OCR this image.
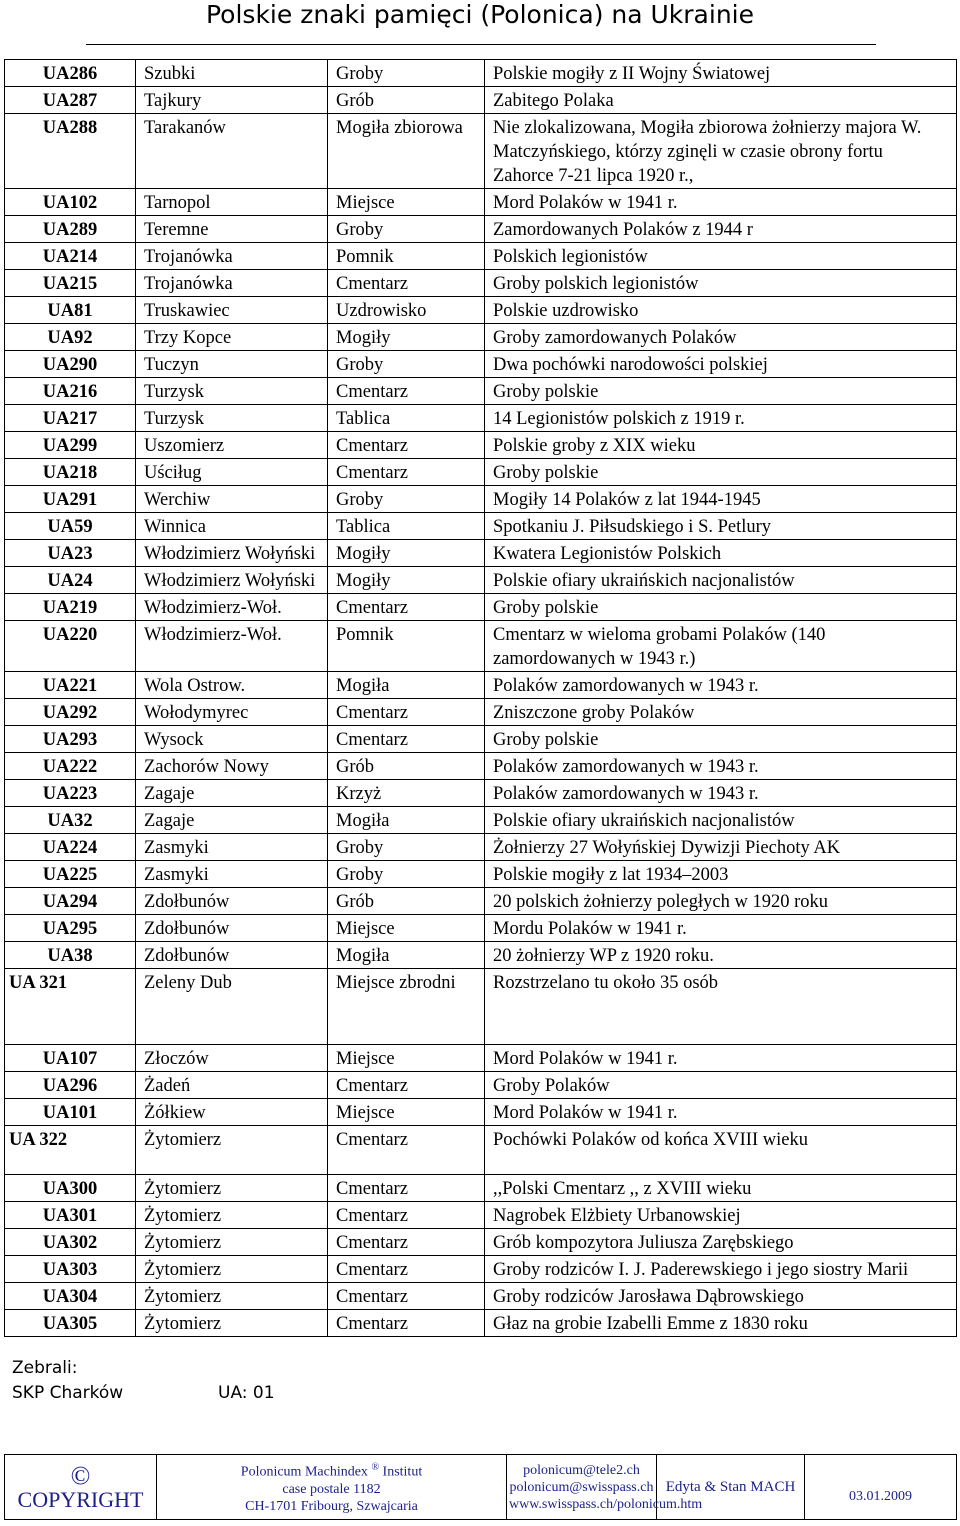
Polskie znaki pamięci (Polonica) na Ukrainie
UA286	Szubki	Groby	Polskie mogiły z II Wojny Światowej
UA287	Tajkury	Grób	Zabitego Polaka
UA288	Tarakanów	Mogiła zbiorowa	Nie zlokalizowana, Mogiła zbiorowa żołnierzy majora W. Matczyńskiego, którzy zginęli w czasie obrony fortu Zahorce 7-21 lipca 1920 r.,
UA102	Tarnopol	Miejsce	Mord Polaków w 1941 r.
UA289	Teremne	Groby	Zamordowanych Polaków z 1944 r
UA214	Trojanówka	Pomnik	Polskich legionistów
UA215	Trojanówka	Cmentarz	Groby polskich legionistów
UA81	Truskawiec	Uzdrowisko	Polskie uzdrowisko
UA92	Trzy Kopce	Mogiły	Groby zamordowanych Polaków
UA290	Tuczyn	Groby	Dwa pochówki narodowości polskiej
UA216	Turzysk	Cmentarz	Groby polskie
UA217	Turzysk	Tablica	14 Legionistów polskich z 1919 r.
UA299	Uszomierz	Cmentarz	Polskie groby z XIX wieku
UA218	Uściług	Cmentarz	Groby polskie
UA291	Werchiw	Groby	Mogiły 14 Polaków z lat 1944-1945
UA59	Winnica	Tablica	Spotkaniu J. Piłsudskiego i S. Petlury
UA23	Włodzimierz Wołyński	Mogiły	Kwatera Legionistów Polskich
UA24	Włodzimierz Wołyński	Mogiły	Polskie ofiary ukraińskich nacjonalistów
UA219	Włodzimierz-Woł.	Cmentarz	Groby polskie
UA220	Włodzimierz-Woł.	Pomnik	Cmentarz w wieloma grobami Polaków (140 zamordowanych w 1943 r.)
UA221	Wola Ostrow.	Mogiła	Polaków zamordowanych w 1943 r.
UA292	Wołodymyrec	Cmentarz	Zniszczone groby Polaków
UA293	Wysock	Cmentarz	Groby polskie
UA222	Zachorów Nowy	Grób	Polaków zamordowanych w 1943 r.
UA223	Zagaje	Krzyż	Polaków zamordowanych w 1943 r.
UA32	Zagaje	Mogiła	Polskie ofiary ukraińskich nacjonalistów
UA224	Zasmyki	Groby	Żołnierzy 27 Wołyńskiej Dywizji Piechoty AK
UA225	Zasmyki	Groby	Polskie mogiły z lat 1934–2003
UA294	Zdołbunów	Grób	20 polskich żołnierzy poległych w 1920 roku
UA295	Zdołbunów	Miejsce	Mordu Polaków w 1941 r.
UA38	Zdołbunów	Mogiła	20 żołnierzy WP z 1920 roku.
UA 321	Zeleny Dub	Miejsce zbrodni	Rozstrzelano tu około 35 osób
UA107	Złoczów	Miejsce	Mord Polaków w 1941 r.
UA296	Żadeń	Cmentarz	Groby Polaków
UA101	Żółkiew	Miejsce	Mord Polaków w 1941 r.
UA 322	Żytomierz	Cmentarz	Pochówki Polaków od końca XVIII wieku
UA300	Żytomierz	Cmentarz	,,Polski Cmentarz ,, z XVIII wieku
UA301	Żytomierz	Cmentarz	Nagrobek Elżbiety Urbanowskiej
UA302	Żytomierz	Cmentarz	Grób kompozytora Juliusza Zarębskiego
UA303	Żytomierz	Cmentarz	Groby rodziców I. J. Paderewskiego i jego siostry Marii
UA304	Żytomierz	Cmentarz	Groby rodziców Jarosława Dąbrowskiego
UA305	Żytomierz	Cmentarz	Głaz na grobie Izabelli Emme z 1830 roku
Zebrali:
SKP Charków	UA: 01
©
COPYRIGHT
	Polonicum Machindex ® Institut
case postale 1182
CH-1701 Fribourg, Szwajcaria	polonicum@tele2.ch
polonicum@swisspass.ch
www.swisspass.ch/polonicum.htm	
Edyta & Stan MACH

03.01.2009
